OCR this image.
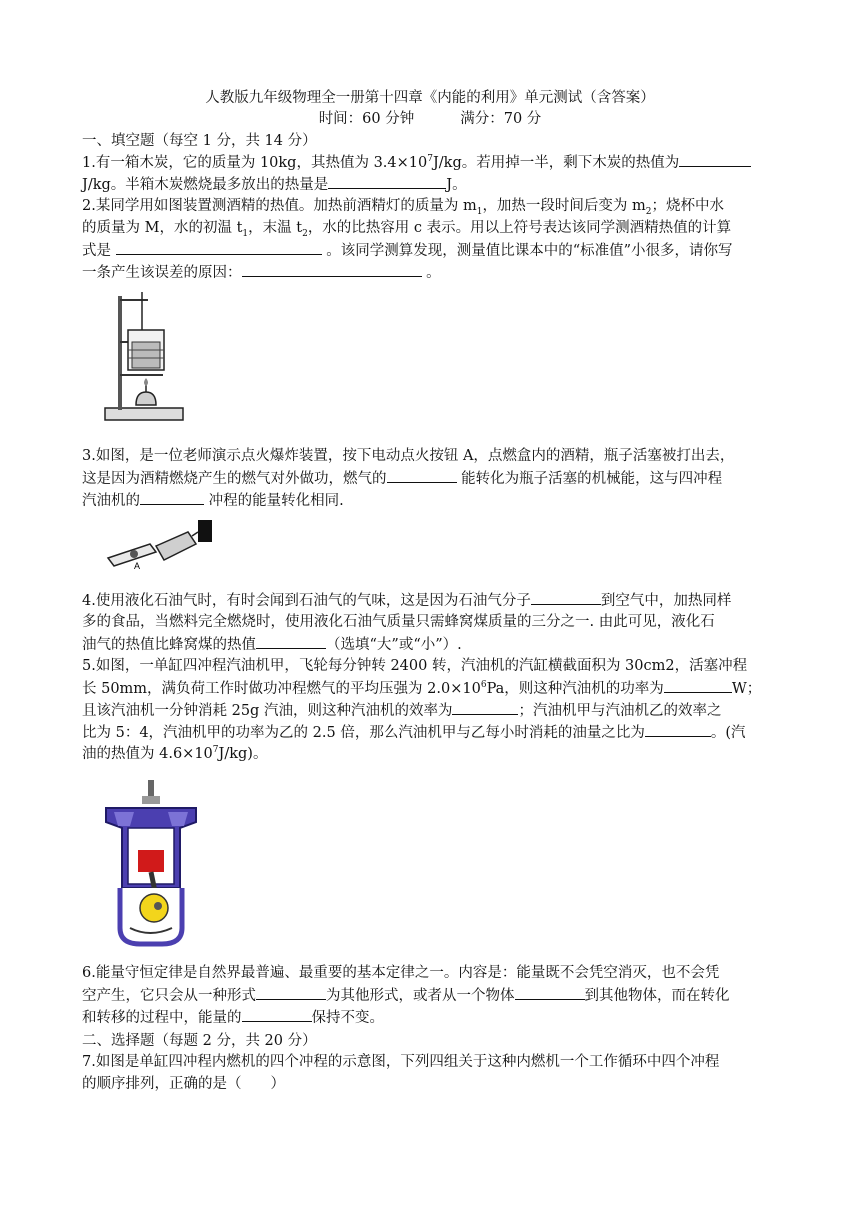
人教版九年级物理全一册第十四章《内能的利用》单元测试（含答案）
时间：60 分钟	满分：70 分
一、填空题（每空 1 分，共 14 分）
1.有一箱木炭，它的质量为 10kg，其热值为 $3.4\times 10^7J/kg$。若用掉一半，剩下木炭的热值为
J/kg。半箱木炭燃烧最多放出的热量是	J。
2.某同学用如图装置测酒精的热值。加热前酒精灯的质量为 $m_1$，加热一段时间后变为 $m_2$；烧杯中水
的质量为 M，水的初温 $t_1$，末温 $t_2$，水的比热容用 c 表示。用以上符号表达该同学测酒精热值的计算
式是	。该同学测算发现，测量值比课本中的“标准值”小很多，请你写
一条产生该误差的原因：	。
3.如图，是一位老师演示点火爆炸装置，按下电动点火按钮 A，点燃盒内的酒精，瓶子活塞被打出去，
这是因为酒精燃烧产生的燃气对外做功，燃气的	能转化为瓶子活塞的机械能，这与四冲程
汽油机的	冲程的能量转化相同.
A
4.使用液化石油气时，有时会闻到石油气的气味，这是因为石油气分子	到空气中，加热同样
多的食品，当燃料完全燃烧时，使用液化石油气质量只需蜂窝煤质量的三分之一. 由此可见，液化石
油气的热值比蜂窝煤的热值	（选填“大”或“小”）.
5.如图，一单缸四冲程汽油机甲，飞轮每分钟转 2400 转，汽油机的汽缸横截面积为 30cm2，活塞冲程
长 50mm，满负荷工作时做功冲程燃气的平均压强为 $2.0\times 10^6Pa$，则这种汽油机的功率为	W；
且该汽油机一分钟消耗 25g 汽油，则这种汽油机的效率为	；汽油机甲与汽油机乙的效率之
比为 5：4，汽油机甲的功率为乙的 2.5 倍，那么汽油机甲与乙每小时消耗的油量之比为	。(汽
油的热值为 $4.6\times 10^7J/kg$)。
6.能量守恒定律是自然界最普遍、最重要的基本定律之一。内容是：能量既不会凭空消灭，也不会凭
空产生，它只会从一种形式	为其他形式，或者从一个物体	到其他物体，而在转化
和转移的过程中，能量的	保持不变。
二、选择题（每题 2 分，共 20 分）
7.如图是单缸四冲程内燃机的四个冲程的示意图，下列四组关于这种内燃机一个工作循环中四个冲程
的顺序排列，正确的是（　　）
